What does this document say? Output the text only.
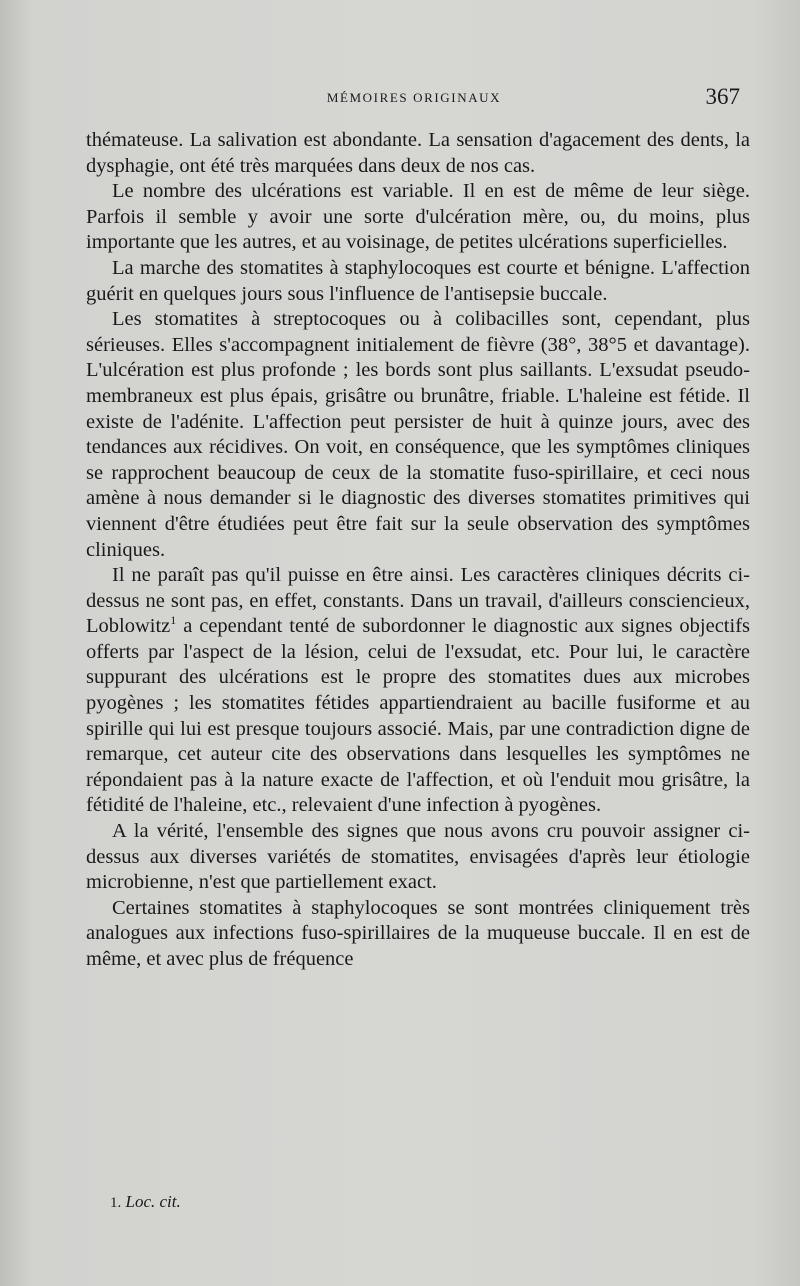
MÉMOIRES ORIGINAUX	367

thémateuse. La salivation est abondante. La sensation d'agacement des dents, la dysphagie, ont été très marquées dans deux de nos cas.

Le nombre des ulcérations est variable. Il en est de même de leur siège. Parfois il semble y avoir une sorte d'ulcération mère, ou, du moins, plus importante que les autres, et au voisinage, de petites ulcérations superficielles.

La marche des stomatites à staphylocoques est courte et bénigne. L'affection guérit en quelques jours sous l'influence de l'antisepsie buccale.

Les stomatites à streptocoques ou à colibacilles sont, cependant, plus sérieuses. Elles s'accompagnent initialement de fièvre (38°, 38°5 et davantage). L'ulcération est plus profonde ; les bords sont plus saillants. L'exsudat pseudo-membraneux est plus épais, grisâtre ou brunâtre, friable. L'haleine est fétide. Il existe de l'adénite. L'affection peut persister de huit à quinze jours, avec des tendances aux récidives. On voit, en conséquence, que les symptômes cliniques se rapprochent beaucoup de ceux de la stomatite fuso-spirillaire, et ceci nous amène à nous demander si le diagnostic des diverses stomatites primitives qui viennent d'être étudiées peut être fait sur la seule observation des symptômes cliniques.

Il ne paraît pas qu'il puisse en être ainsi. Les caractères cliniques décrits ci-dessus ne sont pas, en effet, constants. Dans un travail, d'ailleurs consciencieux, Loblowitz$^1$ a cependant tenté de subordonner le diagnostic aux signes objectifs offerts par l'aspect de la lésion, celui de l'exsudat, etc. Pour lui, le caractère suppurant des ulcérations est le propre des stomatites dues aux microbes pyogènes ; les stomatites fétides appartiendraient au bacille fusiforme et au spirille qui lui est presque toujours associé. Mais, par une contradiction digne de remarque, cet auteur cite des observations dans lesquelles les symptômes ne répondaient pas à la nature exacte de l'affection, et où l'enduit mou grisâtre, la fétidité de l'haleine, etc., relevaient d'une infection à pyogènes.

A la vérité, l'ensemble des signes que nous avons cru pouvoir assigner ci-dessus aux diverses variétés de stomatites, envisagées d'après leur étiologie microbienne, n'est que partiellement exact.

Certaines stomatites à staphylocoques se sont montrées cliniquement très analogues aux infections fuso-spirillaires de la muqueuse buccale. Il en est de même, et avec plus de fréquence

1. Loc. cit.
